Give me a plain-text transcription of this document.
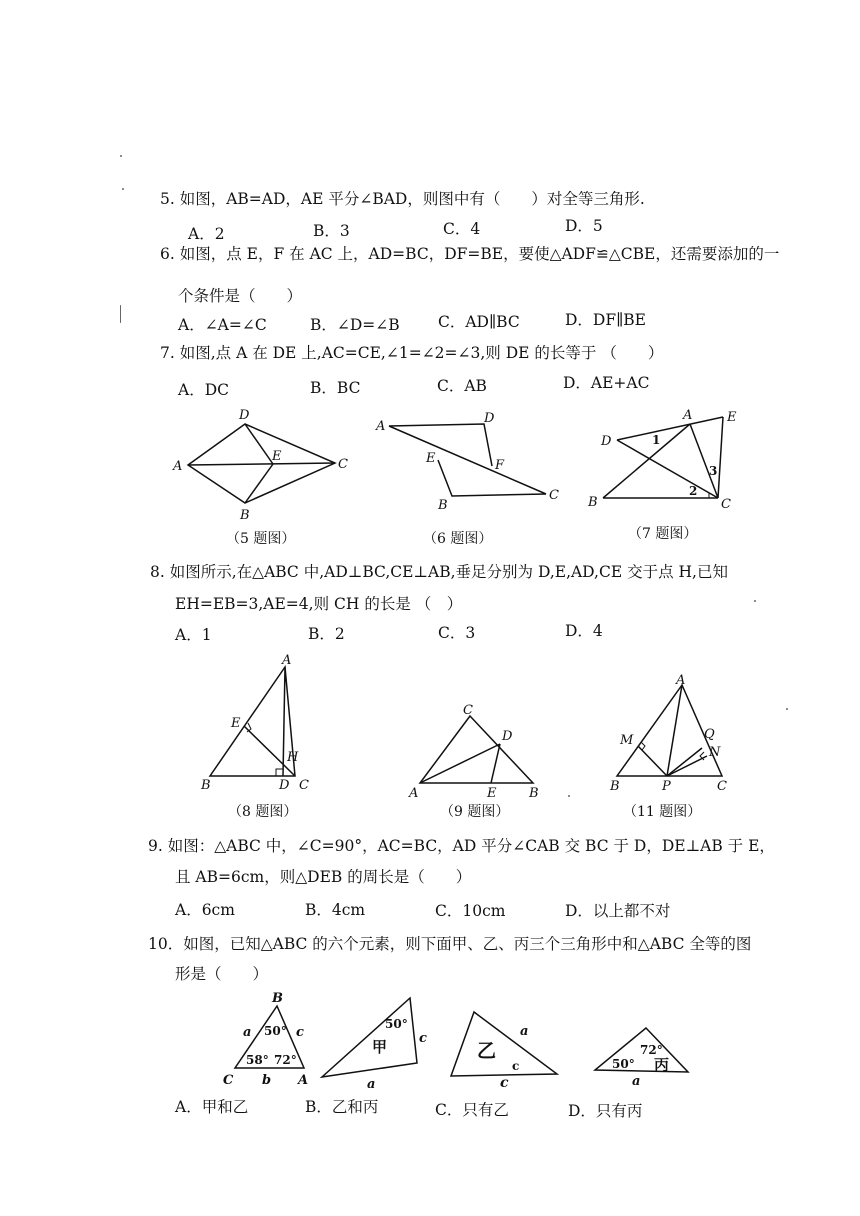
5. 如图，AB=AD，AE 平分∠BAD，则图中有（　　）对全等三角形.
A．2	B．3	C．4	D．5
6. 如图，点 E，F 在 AC 上，AD=BC，DF=BE，要使△ADF≌△CBE，还需要添加的一
个条件是（　　）
A．∠A=∠C	B．∠D=∠B C．AD∥BC	D．DF∥BE
7. 如图,点 A 在 DE 上,AC=CE,∠1=∠2=∠3,则 DE 的长等于 （　　）
A．DC	B．BC	C．AB	D．AE+AC
D
A
E
C
B
（5 题图）
A
D
E	F
B
C
（6 题图）
A	E
D	1
3
2
B	C
（7 题图）
8. 如图所示,在△ABC 中,AD⊥BC,CE⊥AB,垂足分别为 D,E,AD,CE 交于点 H,已知
EH=EB=3,AE=4,则 CH 的长是 （　）
A．1	B．2	C．3	D．4
A
E
H
B	D C
（8 题图）
C
D
A	E	B
（9 题图）
A
M	Q
N
B	P	C
（11 题图）
9. 如图：△ABC 中，∠C=90°，AC=BC，AD 平分∠CAB 交 BC 于 D，DE⊥AB 于 E，
且 AB=6cm，则△DEB 的周长是（　　）
A．6cm	B．4cm	C．10cm	D．以上都不对
10．如图，已知△ABC 的六个元素，则下面甲、乙、丙三个三角形中和△ABC 全等的图
形是（　　）
B
a 50° c
58° 72°
C b A
50°
c
甲
a
乙
a
c
c
72°
50° 丙
a
A．甲和乙	B．乙和丙	C．只有乙	D．只有丙
